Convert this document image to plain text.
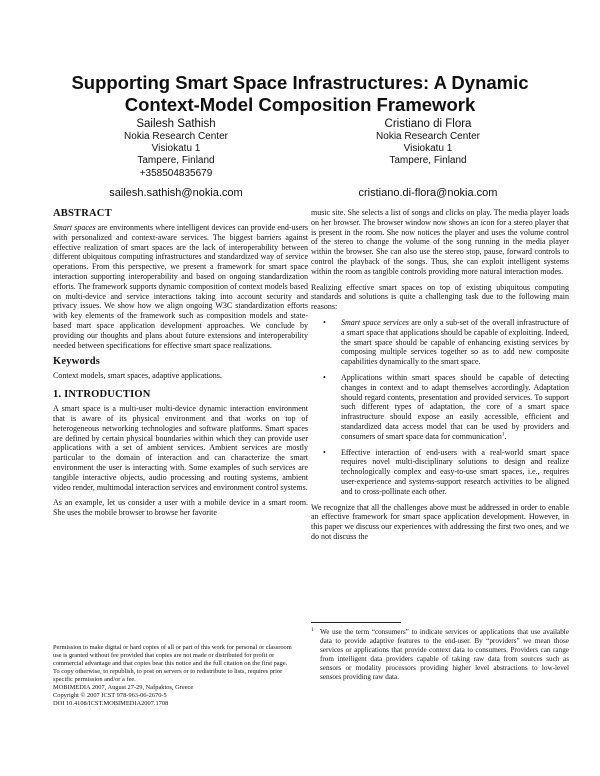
Supporting Smart Space Infrastructures: A Dynamic Context-Model Composition Framework
Sailesh Sathish
Nokia Research Center
Visiokatu 1
Tampere, Finland
+358504835679
sailesh.sathish@nokia.com
Cristiano di Flora
Nokia Research Center
Visiokatu 1
Tampere, Finland
cristiano.di-flora@nokia.com
ABSTRACT

Smart spaces are environments where intelligent devices can provide end-users with personalized and context-aware services. The biggest barriers against effective realization of smart spaces are the lack of interoperability between different ubiquitous computing infrastructures and standardized way of service operations. From this perspective, we present a framework for smart space interaction supporting interoperability and based on ongoing standardization efforts. The framework supports dynamic composition of context models based on multi-device and service interactions taking into account security and privacy issues. We show how we align ongoing W3C standardization efforts with key elements of the framework such as composition models and state-based mart space application development approaches. We conclude by providing our thoughts and plans about future extensions and interoperability needed between specifications for effective smart space realizations.

Keywords

Context models, smart spaces, adaptive applications.

1. INTRODUCTION

A smart space is a multi-user multi-device dynamic interaction environment that is aware of its physical environment and that works on top of heterogeneous networking technologies and software platforms. Smart spaces are defined by certain physical boundaries within which they can provide user applications with a set of ambient services. Ambient services are mostly particular to the domain of interaction and can characterize the smart environment the user is interacting with. Some examples of such services are tangible interactive objects, audio processing and routing systems, ambient video render, multimodal interaction services and environment control systems.

As an example, let us consider a user with a mobile device in a smart room. She uses the mobile browser to browse her favorite

Permission to make digital or hard copies of all or part of this work for personal or classroom use is granted without fee provided that copies are not made or distributed for profit or commercial advantage and that copies bear this notice and the full citation on the first page. To copy otherwise, to republish, to post on servers or to redistribute to lists, requires prior specific permission and/or a fee.
MOBIMEDIA 2007, August 27-29, Nafpaktos, Greece
Copyright © 2007 ICST 978-963-06-2670-5
DOI 10.4108/ICST.MOBIMEDIA2007.1708

music site. She selects a list of songs and clicks on play. The media player loads on her browser. The browser window now shows an icon for a stereo player that is present in the room. She now notices the player and uses the volume control of the stereo to change the volume of the song running in the media player within the browser. She can also use the stereo stop, pause, forward controls to control the playback of the songs. Thus, she can exploit intelligent systems within the room as tangible controls providing more natural interaction modes.

Realizing effective smart spaces on top of existing ubiquitous computing standards and solutions is quite a challenging task due to the following main reasons:

• Smart space services are only a sub-set of the overall infrastructure of a smart space that applications should be capable of exploiting. Indeed, the smart space should be capable of enhancing existing services by composing multiple services together so as to add new composite capabilities dynamically to the smart space.
• Applications within smart spaces should be capable of detecting changes in context and to adapt themselves accordingly. Adaptation should regard contents, presentation and provided services. To support such different types of adaptation, the core of a smart space infrastructure should expose an easily accessible, efficient and standardized data access model that can be used by providers and consumers of smart space data for communication$^1$.
• Effective interaction of end-users with a real-world smart space requires novel multi-disciplinary solutions to design and realize technologically complex and easy-to-use smart spaces, i.e., requires user-experience and systems-support research activities to be aligned and to cross-pollinate each other.

We recognize that all the challenges above must be addressed in order to enable an effective framework for smart space application development. However, in this paper we discuss our experiences with addressing the first two ones, and we do not discuss the

1 We use the term “consumers” to indicate services or applications that use available data to provide adaptive features to the end-user. By “providers” we mean those services or applications that provide context data to consumers. Providers can range from intelligent data providers capable of taking raw data from sources such as sensors or modality processors providing higher level abstractions to low-level sensors providing raw data.
